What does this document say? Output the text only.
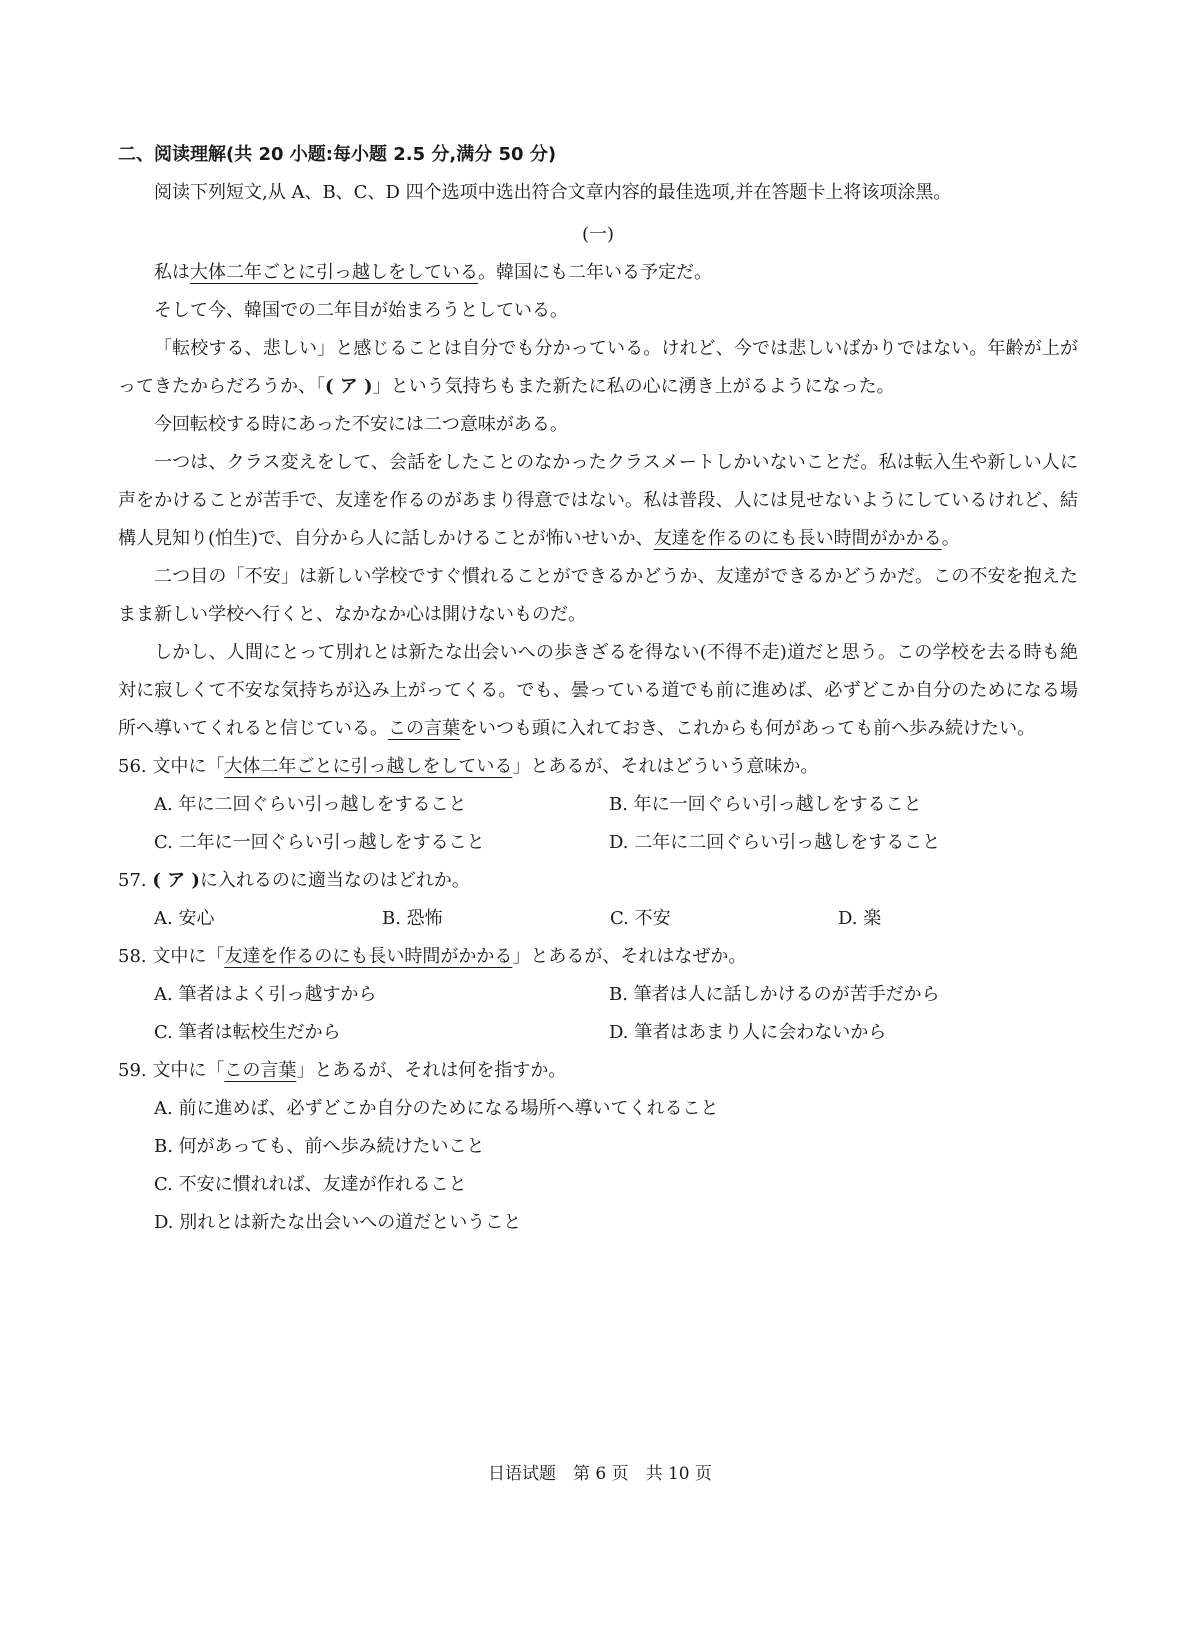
二、阅读理解(共 20 小题:每小题 2.5 分,满分 50 分)

阅读下列短文,从 A、B、C、D 四个选项中选出符合文章内容的最佳选项,并在答题卡上将该项涂黑。

(一)

私は大体二年ごとに引っ越しをしている。韓国にも二年いる予定だ。

そして今、韓国での二年目が始まろうとしている。

「転校する、悲しい」と感じることは自分でも分かっている。けれど、今では悲しいばかりではない。年齢が上がってきたからだろうか、「( ア )」という気持ちもまた新たに私の心に湧き上がるようになった。

今回転校する時にあった不安には二つ意味がある。

一つは、クラス変えをして、会話をしたことのなかったクラスメートしかいないことだ。私は転入生や新しい人に声をかけることが苦手で、友達を作るのがあまり得意ではない。私は普段、人には見せないようにしているけれど、結構人見知り(怕生)で、自分から人に話しかけることが怖いせいか、友達を作るのにも長い時間がかかる。

二つ目の「不安」は新しい学校ですぐ慣れることができるかどうか、友達ができるかどうかだ。この不安を抱えたまま新しい学校へ行くと、なかなか心は開けないものだ。

しかし、人間にとって別れとは新たな出会いへの歩きざるを得ない(不得不走)道だと思う。この学校を去る時も絶対に寂しくて不安な気持ちが込み上がってくる。でも、曇っている道でも前に進めば、必ずどこか自分のためになる場所へ導いてくれると信じている。この言葉をいつも頭に入れておき、これからも何があっても前へ歩み続けたい。

56. 文中に「大体二年ごとに引っ越しをしている」とあるが、それはどういう意味か。

A. 年に二回ぐらい引っ越しをすること	B. 年に一回ぐらい引っ越しをすること
C. 二年に一回ぐらい引っ越しをすること	D. 二年に二回ぐらい引っ越しをすること

57. ( ア )に入れるのに適当なのはどれか。

A. 安心	B. 恐怖	C. 不安	D. 楽

58. 文中に「友達を作るのにも長い時間がかかる」とあるが、それはなぜか。

A. 筆者はよく引っ越すから	B. 筆者は人に話しかけるのが苦手だから
C. 筆者は転校生だから	D. 筆者はあまり人に会わないから

59. 文中に「この言葉」とあるが、それは何を指すか。

A. 前に進めば、必ずどこか自分のためになる場所へ導いてくれること
B. 何があっても、前へ歩み続けたいこと
C. 不安に慣れれば、友達が作れること
D. 別れとは新たな出会いへの道だということ
日语试题　第 6 页　共 10 页
